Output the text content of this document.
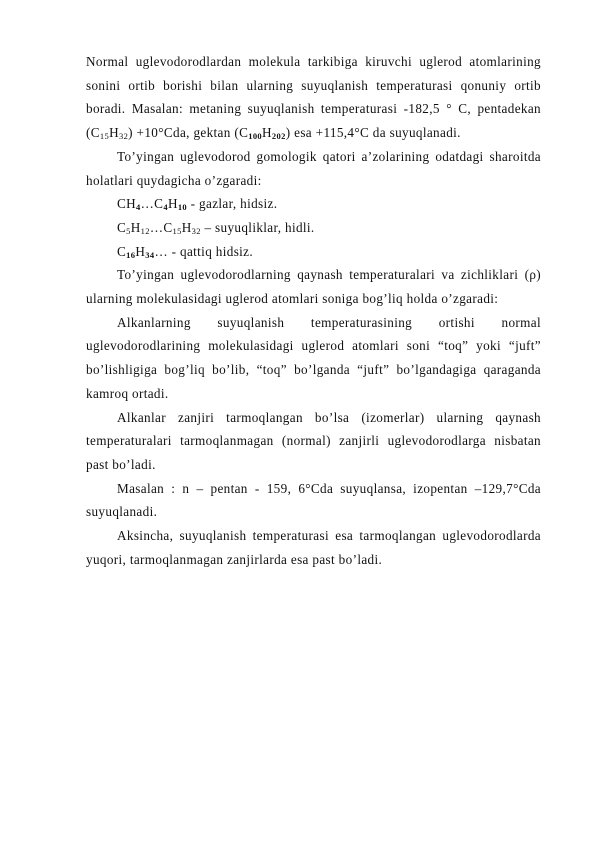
Normal uglevodorodlardan molekula tarkibiga kiruvchi uglerod atomlarining sonini ortib borishi bilan ularning suyuqlanish temperaturasi qonuniy ortib boradi. Masalan: metaning suyuqlanish temperaturasi -182,5 ° C, pentadekan $(C_{15}H_{32}) +10^\circ Cda$, gektan $(C_{100}H_{202})$ esa +115,4°C da suyuqlanadi.

To’yingan uglevodorod gomologik qatori a’zolarining odatdagi sharoitda holatlari quydagicha o’zgaradi:

$CH_4\dots C_4H_{10}$ - gazlar, hidsiz.

$C_5H_{12}\dots C_{15}H_{32}$ – suyuqliklar, hidli.

$C_{16}H_{34}\dots$ - qattiq hidsiz.

To’yingan uglevodorodlarning qaynash temperaturalari va zichliklari (ρ) ularning molekulasidagi uglerod atomlari soniga bog’liq holda o’zgaradi:

Alkanlarning suyuqlanish temperaturasining ortishi normal uglevodorodlarining molekulasidagi uglerod atomlari soni “toq” yoki “juft” bo’lishligiga bog’liq bo’lib, “toq” bo’lganda “juft” bo’lgandagiga qaraganda kamroq ortadi.

Alkanlar zanjiri tarmoqlangan bo’lsa (izomerlar) ularning qaynash temperaturalari tarmoqlanmagan (normal) zanjirli uglevodorodlarga nisbatan past bo’ladi.

Masalan : n – pentan - 159, 6°Cda suyuqlansa, izopentan –129,7°Cda suyuqlanadi.

Aksincha, suyuqlanish temperaturasi esa tarmoqlangan uglevodorodlarda yuqori, tarmoqlanmagan zanjirlarda esa past bo’ladi.
